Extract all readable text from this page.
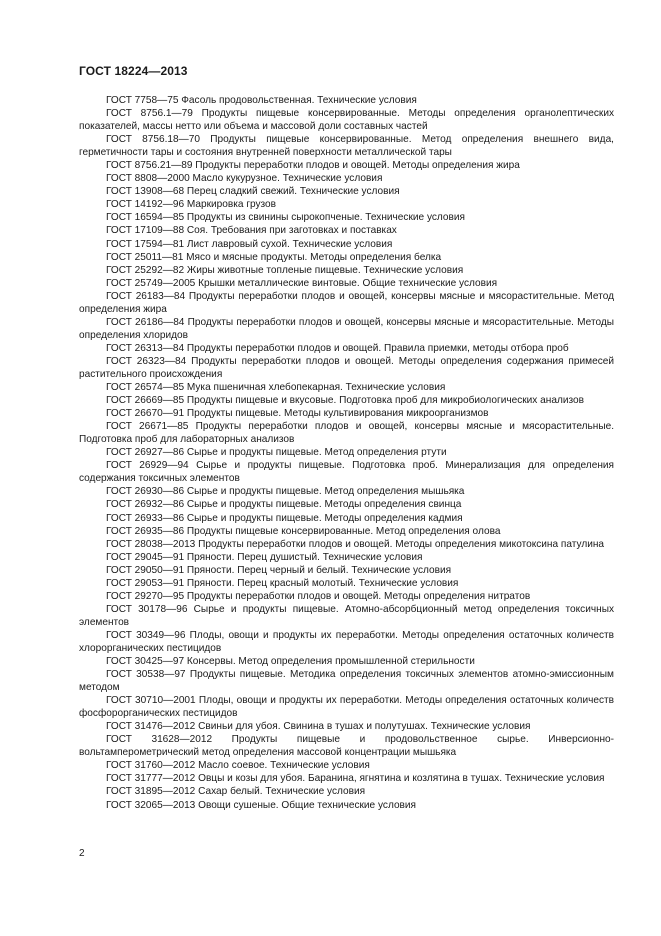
ГОСТ 18224—2013
ГОСТ 7758—75 Фасоль продовольственная. Технические условия
ГОСТ 8756.1—79 Продукты пищевые консервированные. Методы определения органолептических показателей, массы нетто или объема и массовой доли составных частей
ГОСТ 8756.18—70 Продукты пищевые консервированные. Метод определения внешнего вида, герметичности тары и состояния внутренней поверхности металлической тары
ГОСТ 8756.21—89 Продукты переработки плодов и овощей. Методы определения жира
ГОСТ 8808—2000 Масло кукурузное. Технические условия
ГОСТ 13908—68 Перец сладкий свежий. Технические условия
ГОСТ 14192—96 Маркировка грузов
ГОСТ 16594—85 Продукты из свинины сырокопченые. Технические условия
ГОСТ 17109—88 Соя. Требования при заготовках и поставках
ГОСТ 17594—81 Лист лавровый сухой. Технические условия
ГОСТ 25011—81 Мясо и мясные продукты. Методы определения белка
ГОСТ 25292—82 Жиры животные топленые пищевые. Технические условия
ГОСТ 25749—2005 Крышки металлические винтовые. Общие технические условия
ГОСТ 26183—84 Продукты переработки плодов и овощей, консервы мясные и мясорастительные. Метод определения жира
ГОСТ 26186—84 Продукты переработки плодов и овощей, консервы мясные и мясорастительные. Методы определения хлоридов
ГОСТ 26313—84 Продукты переработки плодов и овощей. Правила приемки, методы отбора проб
ГОСТ 26323—84 Продукты переработки плодов и овощей. Методы определения содержания примесей растительного происхождения
ГОСТ 26574—85 Мука пшеничная хлебопекарная. Технические условия
ГОСТ 26669—85 Продукты пищевые и вкусовые. Подготовка проб для микробиологических анализов
ГОСТ 26670—91 Продукты пищевые. Методы культивирования микроорганизмов
ГОСТ 26671—85 Продукты переработки плодов и овощей, консервы мясные и мясорастительные. Подготовка проб для лабораторных анализов
ГОСТ 26927—86 Сырье и продукты пищевые. Метод определения ртути
ГОСТ 26929—94 Сырье и продукты пищевые. Подготовка проб. Минерализация для определения содержания токсичных элементов
ГОСТ 26930—86 Сырье и продукты пищевые. Метод определения мышьяка
ГОСТ 26932—86 Сырье и продукты пищевые. Методы определения свинца
ГОСТ 26933—86 Сырье и продукты пищевые. Методы определения кадмия
ГОСТ 26935—86 Продукты пищевые консервированные. Метод определения олова
ГОСТ 28038—2013 Продукты переработки плодов и овощей. Методы определения микотоксина патулина
ГОСТ 29045—91 Пряности. Перец душистый. Технические условия
ГОСТ 29050—91 Пряности. Перец черный и белый. Технические условия
ГОСТ 29053—91 Пряности. Перец красный молотый. Технические условия
ГОСТ 29270—95 Продукты переработки плодов и овощей. Методы определения нитратов
ГОСТ 30178—96 Сырье и продукты пищевые. Атомно-абсорбционный метод определения токсичных элементов
ГОСТ 30349—96 Плоды, овощи и продукты их переработки. Методы определения остаточных количеств хлорорганических пестицидов
ГОСТ 30425—97 Консервы. Метод определения промышленной стерильности
ГОСТ 30538—97 Продукты пищевые. Методика определения токсичных элементов атомно-эмиссионным методом
ГОСТ 30710—2001 Плоды, овощи и продукты их переработки. Методы определения остаточных количеств фосфорорганических пестицидов
ГОСТ 31476—2012 Свиньи для убоя. Свинина в тушах и полутушах. Технические условия
ГОСТ 31628—2012 Продукты пищевые и продовольственное сырье. Инверсионно-вольтамперометрический метод определения массовой концентрации мышьяка
ГОСТ 31760—2012 Масло соевое. Технические условия
ГОСТ 31777—2012 Овцы и козы для убоя. Баранина, ягнятина и козлятина в тушах. Технические условия
ГОСТ 31895—2012 Сахар белый. Технические условия
ГОСТ 32065—2013 Овощи сушеные. Общие технические условия
2
